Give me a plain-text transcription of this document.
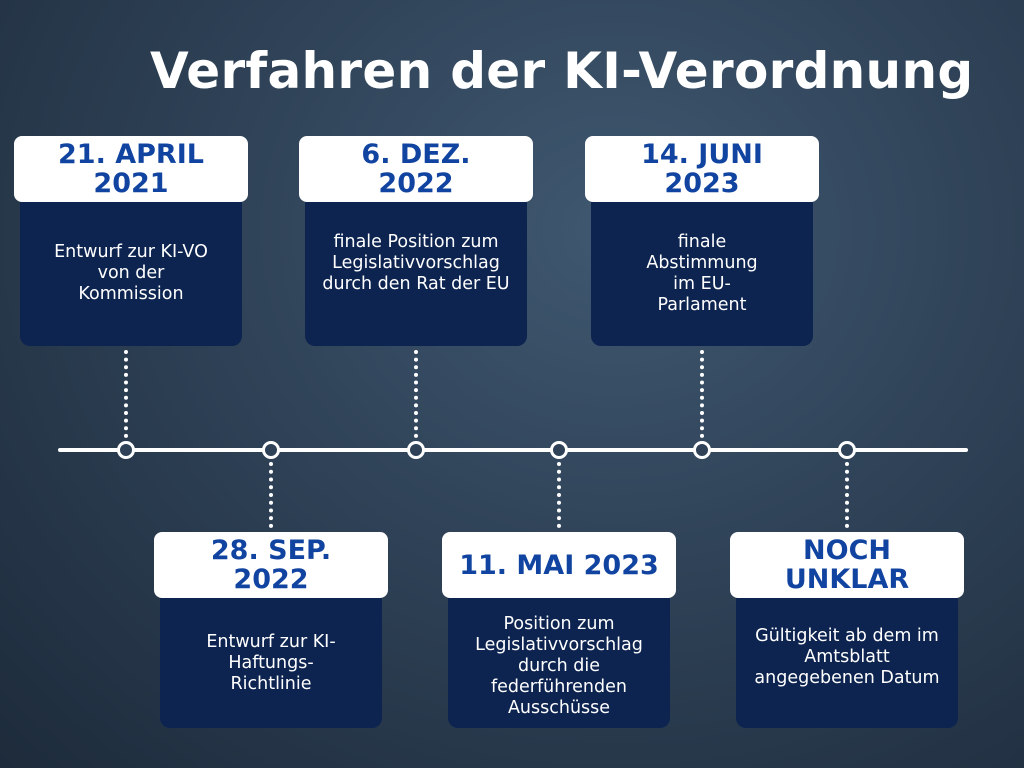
Verfahren der KI-Verordnung
Entwurf zur KI-VO von der Kommission
21. APRIL
2021
finale Position zum Legislativvorschlag durch den Rat der EU
6. DEZ.
2022
finale Abstimmung im EU-Parlament
14. JUNI
2023
Entwurf zur KI-Haftungs-Richtlinie
28. SEP.
2022
Position zum Legislativvorschlag durch die federführenden Ausschüsse
11. MAI 2023
Gültigkeit ab dem im Amtsblatt angegebenen Datum
NOCH
UNKLAR
